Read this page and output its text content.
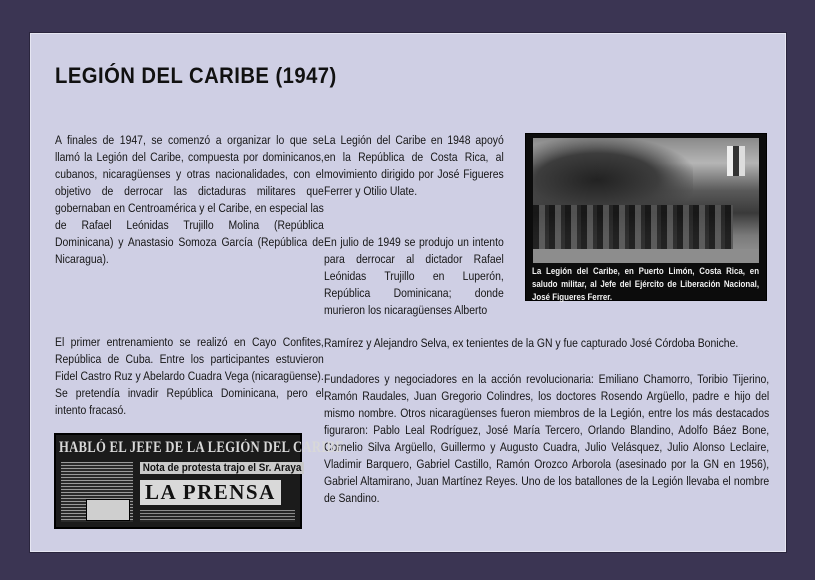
LEGIÓN DEL CARIBE (1947)
A finales de 1947, se comenzó a organizar lo que se llamó la Legión del Caribe, compuesta por dominicanos, cubanos, nicaragüenses y otras nacionalidades, con el objetivo de derrocar las dictaduras militares que gobernaban en Centroamérica y el Caribe, en especial las de Rafael Leónidas Trujillo Molina (República Dominicana) y Anastasio Somoza García (República de Nicaragua).
El primer entrenamiento se realizó en Cayo Confites, República de Cuba. Entre los participantes estuvieron Fidel Castro Ruz y Abelardo Cuadra Vega (nicaragüense). Se pretendía invadir República Dominicana, pero el intento fracasó.
La Legión del Caribe en 1948 apoyó en la República de Costa Rica, al movimiento dirigido por José Figueres Ferrer y Otilio Ulate.
En julio de 1949 se produjo un intento para derrocar al dictador Rafael Leónidas Trujillo en Luperón, República Dominicana; donde murieron los nicaragüenses Alberto
Ramírez y Alejandro Selva, ex tenientes de la GN y fue capturado José Córdoba Boniche.
Fundadores y negociadores en la acción revolucionaria: Emiliano Chamorro, Toribio Tijerino, Ramón Raudales, Juan Gregorio Colindres, los doctores Rosendo Argüello, padre e hijo del mismo nombre. Otros nicaragüenses fueron miembros de la Legión, entre los más destacados figuraron: Pablo Leal Rodríguez, José María Tercero, Orlando Blandino, Adolfo Báez Bone, Cornelio Silva Argüello, Guillermo y Augusto Cuadra, Julio Velásquez, Julio Alonso Leclaire, Vladimir Barquero, Gabriel Castillo, Ramón Orozco Arborola (asesinado por la GN en 1956), Gabriel Altamirano, Juan Martínez Reyes. Uno de los batallones de la Legión llevaba el nombre de Sandino.
La Legión del Caribe, en Puerto Limón, Costa Rica, en saludo militar, al Jefe del Ejército de Liberación Nacional, José Figueres Ferrer.
HABLÓ EL JEFE DE LA LEGIÓN DEL CARIBE
Nota de protesta trajo el Sr. Araya
LA PRENSA
